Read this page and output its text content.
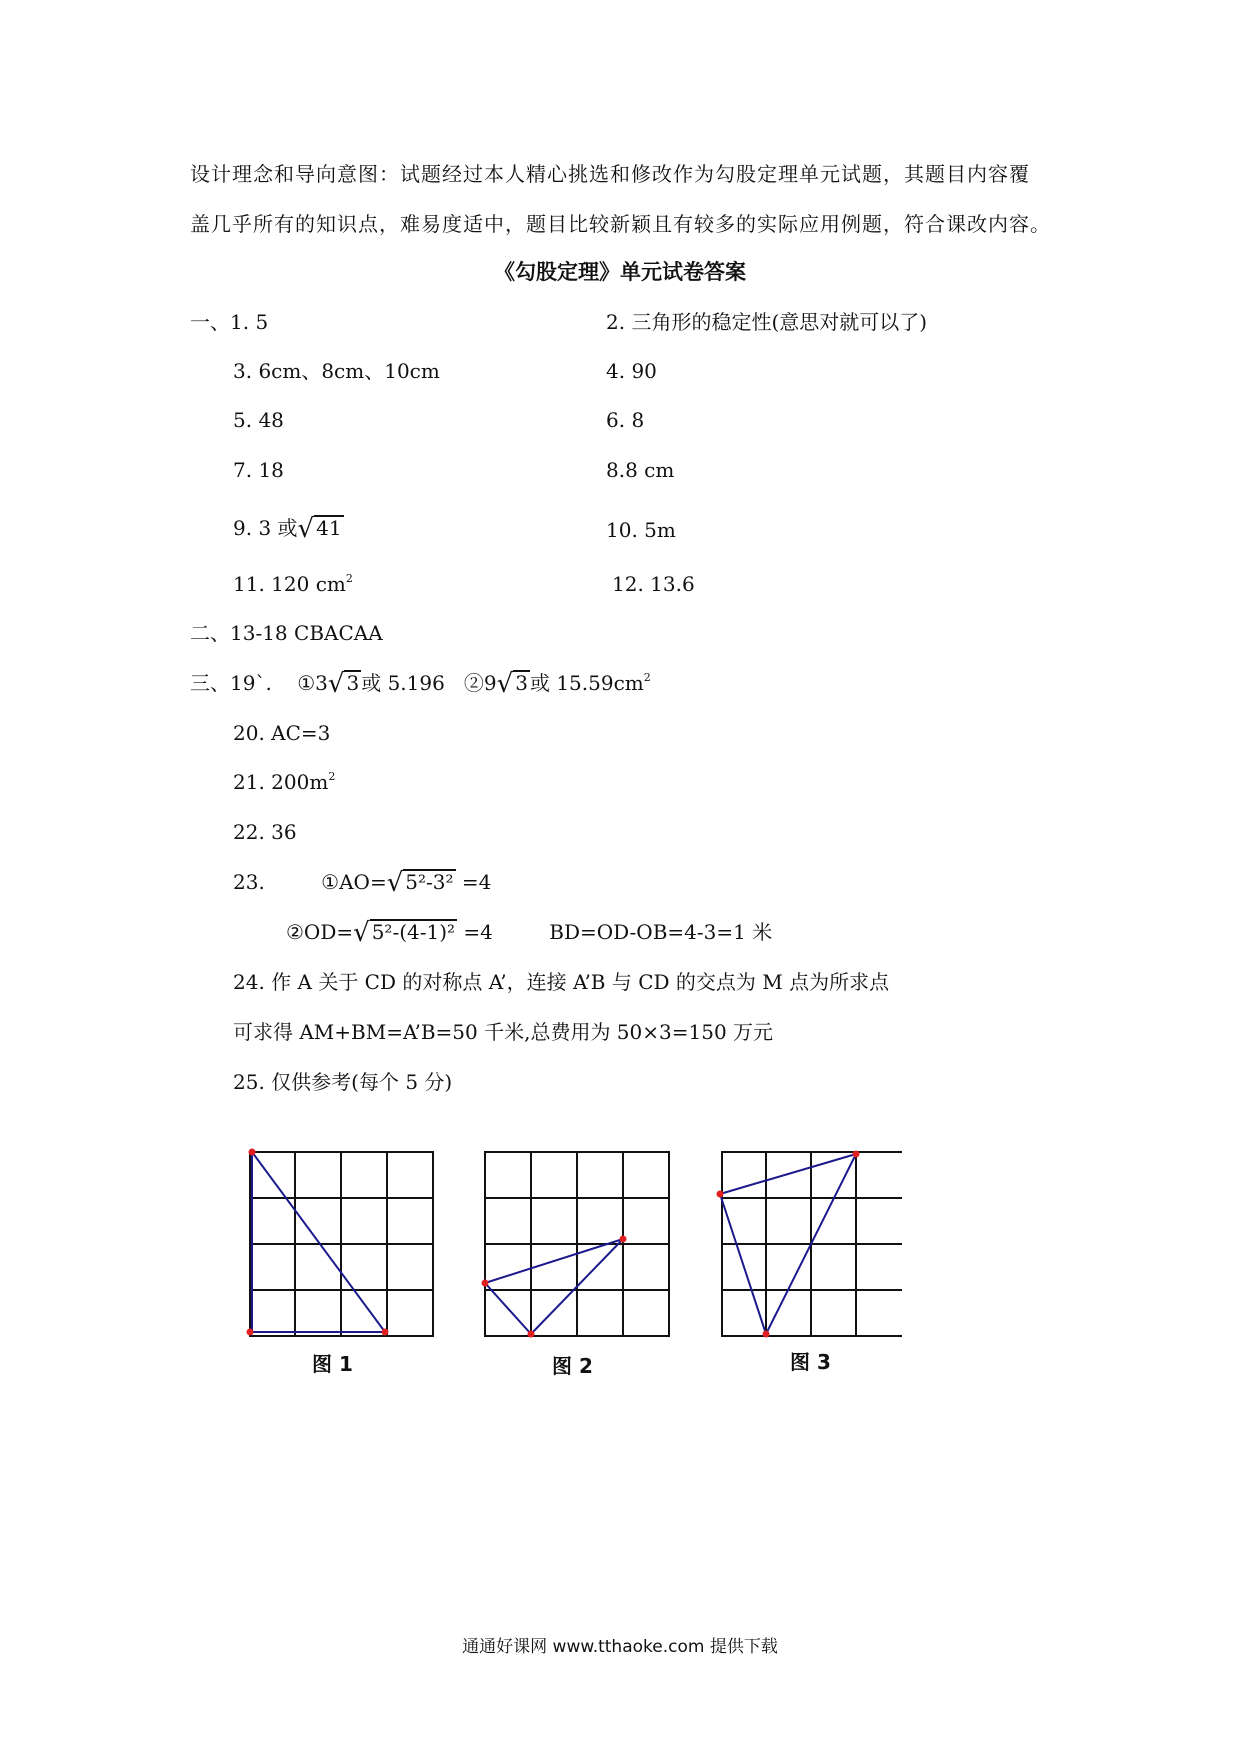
设计理念和导向意图：试题经过本人精心挑选和修改作为勾股定理单元试题，其题目内容覆
盖几乎所有的知识点，难易度适中，题目比较新颖且有较多的实际应用例题，符合课改内容。
《勾股定理》单元试卷答案
一、 1. 5	2. 三角形的稳定性(意思对就可以了)
3. 6cm、8cm、10cm	4. 90
5. 48	6. 8
7. 18	8.8 cm
9. 3 或√ 41	10. 5m
11. 120 $cm^2$	12. 13.6
二、 13-18 CBACAA
三、 19`. ①3√ 3 或 5.196 ②9√ 3 或 $15.59cm^2$
20. AC=3
21. $200m^2$
22. 36
23.	①AO=√ 5²-3² =4
②OD=√ 5²-(4-1)² =4	BD=OD-OB=4-3=1 米
24. 作 A 关于 CD 的对称点 A’，连接 A’B 与 CD 的交点为 M 点为所求点
可求得 AM+BM=A’B=50 千米,总费用为 50×3=150 万元
25. 仅供参考(每个 5 分)
图 1	图 2	图 3
通通好课网 www.tthaoke.com 提供下载
